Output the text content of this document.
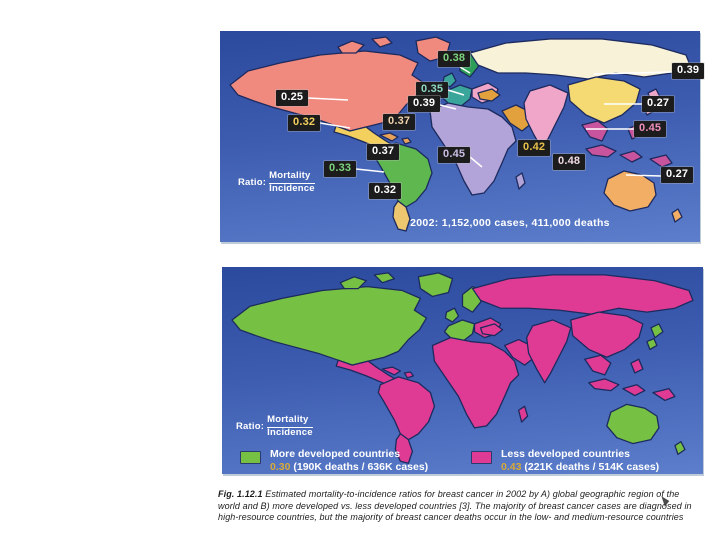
0.25
0.32	0.37
0.38
0.35
0.39
0.39
0.27
0.45
0.42
0.48
0.45
0.27
0.37
0.33
0.32
Ratio: $\frac{\text{Mortality}}{\text{Incidence}}$
2002: 1,152,000 cases, 411,000 deaths
Ratio: $\frac{\text{Mortality}}{\text{Incidence}}$
More developed countries
0.30 (190K deaths / 636K cases)
Less developed countries
0.43 (221K deaths / 514K cases)
Fig. 1.12.1 Estimated mortality-to-incidence ratios for breast cancer in 2002 by A) global geographic region of the world and B) more developed vs. less developed countries [3]. The majority of breast cancer cases are diagnosed in high-resource countries, but the majority of breast cancer deaths occur in the low- and medium-resource countries
